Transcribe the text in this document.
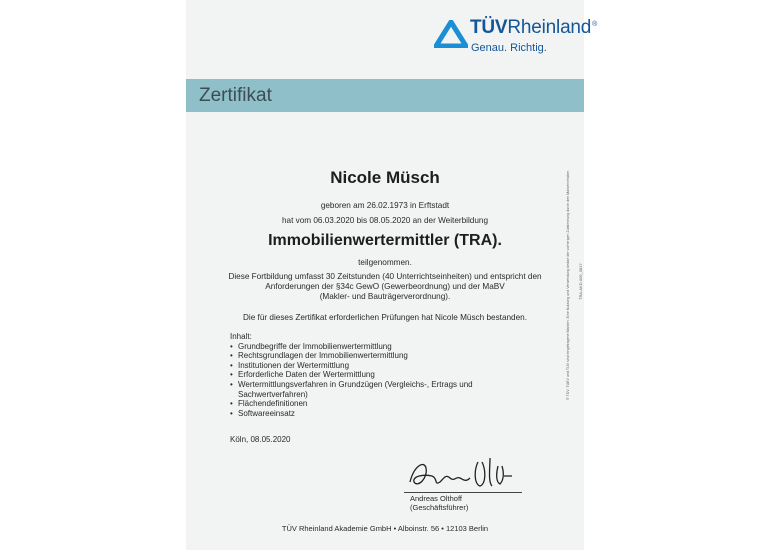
TÜVRheinland®
Genau. Richtig.
Zertifikat
Nicole Müsch
geboren am 26.02.1973 in Erftstadt
hat vom 06.03.2020 bis 08.05.2020 an der Weiterbildung
Immobilienwertermittler (TRA).
teilgenommen.
Diese Fortbildung umfasst 30 Zeitstunden (40 Unterrichtseinheiten) und entspricht den
Anforderungen der §34c GewO (Gewerbeordnung) und der MaBV
(Makler- und Bauträgerverordnung).
Die für dieses Zertifikat erforderlichen Prüfungen hat Nicole Müsch bestanden.
Inhalt:
• Grundbegriffe der Immobilienwertermittlung
• Rechtsgrundlagen der Immobilienwertermittlung
• Institutionen der Wertermittlung
• Erforderliche Daten der Wertermittlung
• Wertermittlungsverfahren in Grundzügen (Vergleichs-, Ertrags und Sachwertverfahren)
• Flächendefinitionen
• Softwareeinsatz
Köln, 08.05.2020
Andreas Olthoff
(Geschäftsführer)
TÜV Rheinland Akademie GmbH • Alboinstr. 56 • 12103 Berlin
® TÜV, TUEV und TUV sind eingetragene Marken. Eine Nutzung und Verwendung bedarf der vorherigen Zustimmung durch den Markeninhaber. TRA-AKD-005_0817
